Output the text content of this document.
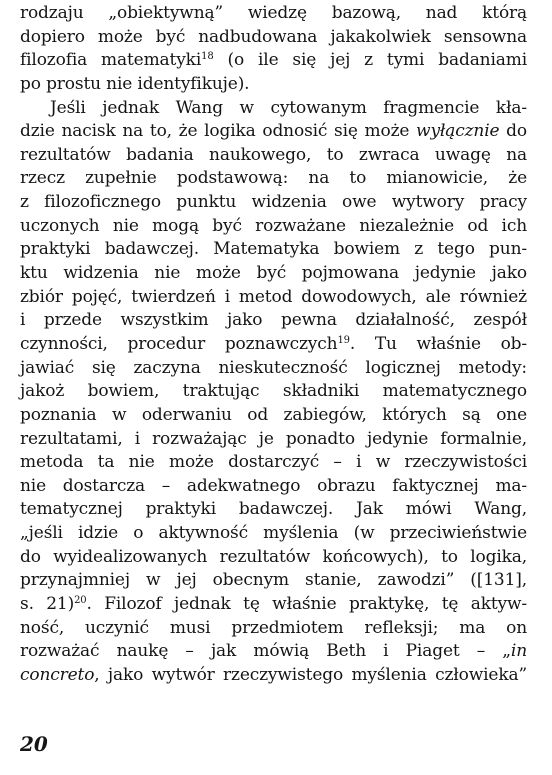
rodzaju „obiektywną” wiedzę bazową, nad którą
dopiero może być nadbudowana jakakolwiek sensowna
filozofia matematyki$^{18}$ (o ile się jej z tymi badaniami
po prostu nie identyfikuje).
Jeśli jednak Wang w cytowanym fragmencie kła-
dzie nacisk na to, że logika odnosić się może wyłącznie do
rezultatów badania naukowego, to zwraca uwagę na
rzecz zupełnie podstawową: na to mianowicie, że
z filozoficznego punktu widzenia owe wytwory pracy
uczonych nie mogą być rozważane niezależnie od ich
praktyki badawczej. Matematyka bowiem z tego pun-
ktu widzenia nie może być pojmowana jedynie jako
zbiór pojęć, twierdzeń i metod dowodowych, ale również
i przede wszystkim jako pewna działalność, zespół
czynności, procedur poznawczych$^{19}$. Tu właśnie ob-
jawiać się zaczyna nieskuteczność logicznej metody:
jakoż bowiem, traktując składniki matematycznego
poznania w oderwaniu od zabiegów, których są one
rezultatami, i rozważając je ponadto jedynie formalnie,
metoda ta nie może dostarczyć – i w rzeczywistości
nie dostarcza – adekwatnego obrazu faktycznej ma-
tematycznej praktyki badawczej. Jak mówi Wang,
„jeśli idzie o aktywność myślenia (w przeciwieństwie
do wyidealizowanych rezultatów końcowych), to logika,
przynajmniej w jej obecnym stanie, zawodzi” ([131],
s. 21)$^{20}$. Filozof jednak tę właśnie praktykę, tę aktyw-
ność, uczynić musi przedmiotem refleksji; ma on
rozważać naukę – jak mówią Beth i Piaget – „in
concreto, jako wytwór rzeczywistego myślenia człowieka”
20
